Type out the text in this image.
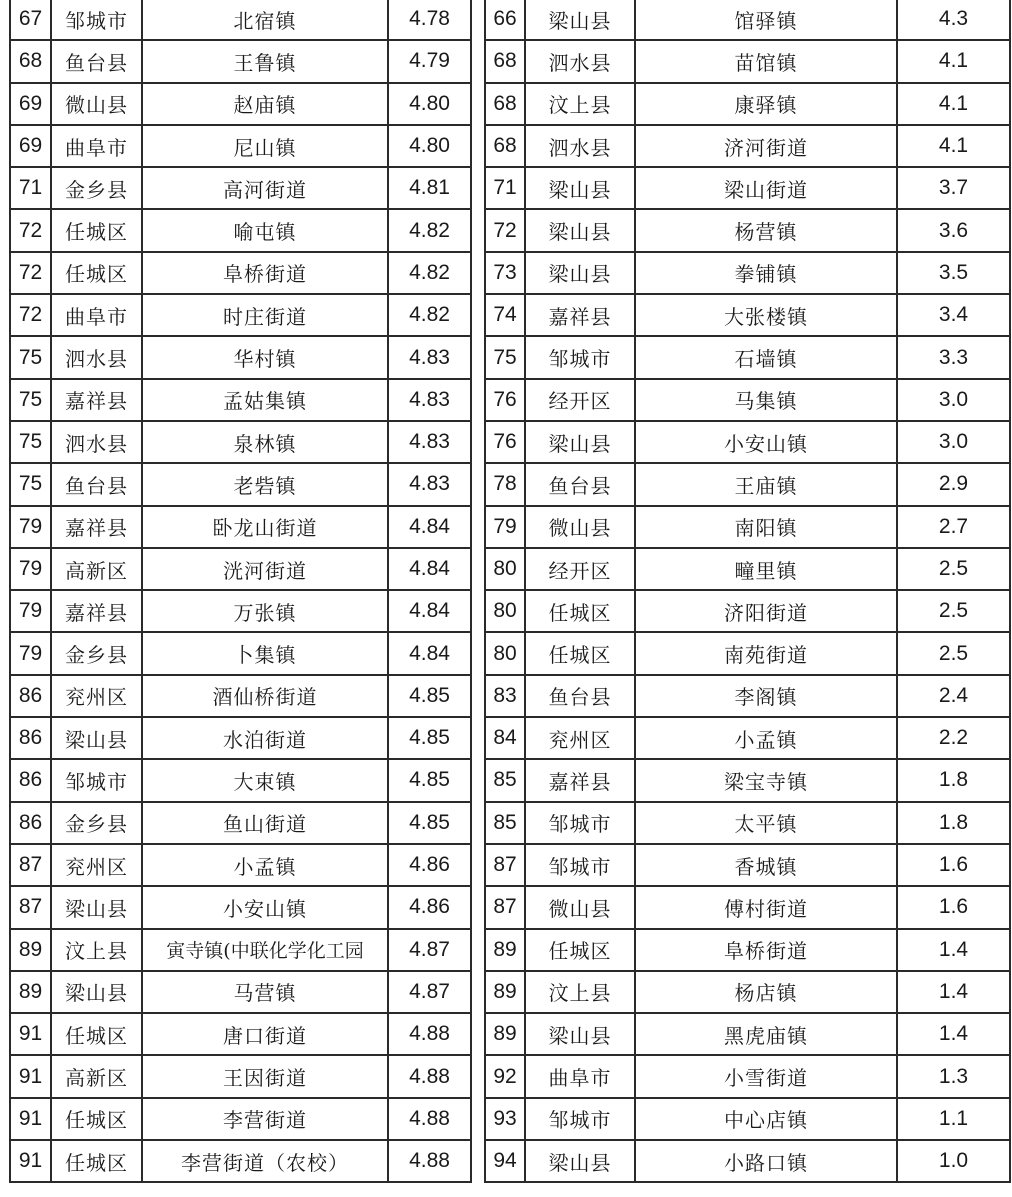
67	邹城市	北宿镇	4.78
68	鱼台县	王鲁镇	4.79
69	微山县	赵庙镇	4.80
69	曲阜市	尼山镇	4.80
71	金乡县	高河街道	4.81
72	任城区	喻屯镇	4.82
72	任城区	阜桥街道	4.82
72	曲阜市	时庄街道	4.82
75	泗水县	华村镇	4.83
75	嘉祥县	孟姑集镇	4.83
75	泗水县	泉林镇	4.83
75	鱼台县	老砦镇	4.83
79	嘉祥县	卧龙山街道	4.84
79	高新区	洸河街道	4.84
79	嘉祥县	万张镇	4.84
79	金乡县	卜集镇	4.84
86	兖州区	酒仙桥街道	4.85
86	梁山县	水泊街道	4.85
86	邹城市	大束镇	4.85
86	金乡县	鱼山街道	4.85
87	兖州区	小孟镇	4.86
87	梁山县	小安山镇	4.86
89	汶上县	寅寺镇(中联化学化工园	4.87
89	梁山县	马营镇	4.87
91	任城区	唐口街道	4.88
91	高新区	王因街道	4.88
91	任城区	李营街道	4.88
91	任城区	李营街道（农校）	4.88
66	梁山县	馆驿镇	4.3
68	泗水县	苗馆镇	4.1
68	汶上县	康驿镇	4.1
68	泗水县	济河街道	4.1
71	梁山县	梁山街道	3.7
72	梁山县	杨营镇	3.6
73	梁山县	拳铺镇	3.5
74	嘉祥县	大张楼镇	3.4
75	邹城市	石墙镇	3.3
76	经开区	马集镇	3.0
76	梁山县	小安山镇	3.0
78	鱼台县	王庙镇	2.9
79	微山县	南阳镇	2.7
80	经开区	疃里镇	2.5
80	任城区	济阳街道	2.5
80	任城区	南苑街道	2.5
83	鱼台县	李阁镇	2.4
84	兖州区	小孟镇	2.2
85	嘉祥县	梁宝寺镇	1.8
85	邹城市	太平镇	1.8
87	邹城市	香城镇	1.6
87	微山县	傅村街道	1.6
89	任城区	阜桥街道	1.4
89	汶上县	杨店镇	1.4
89	梁山县	黑虎庙镇	1.4
92	曲阜市	小雪街道	1.3
93	邹城市	中心店镇	1.1
94	梁山县	小路口镇	1.0
